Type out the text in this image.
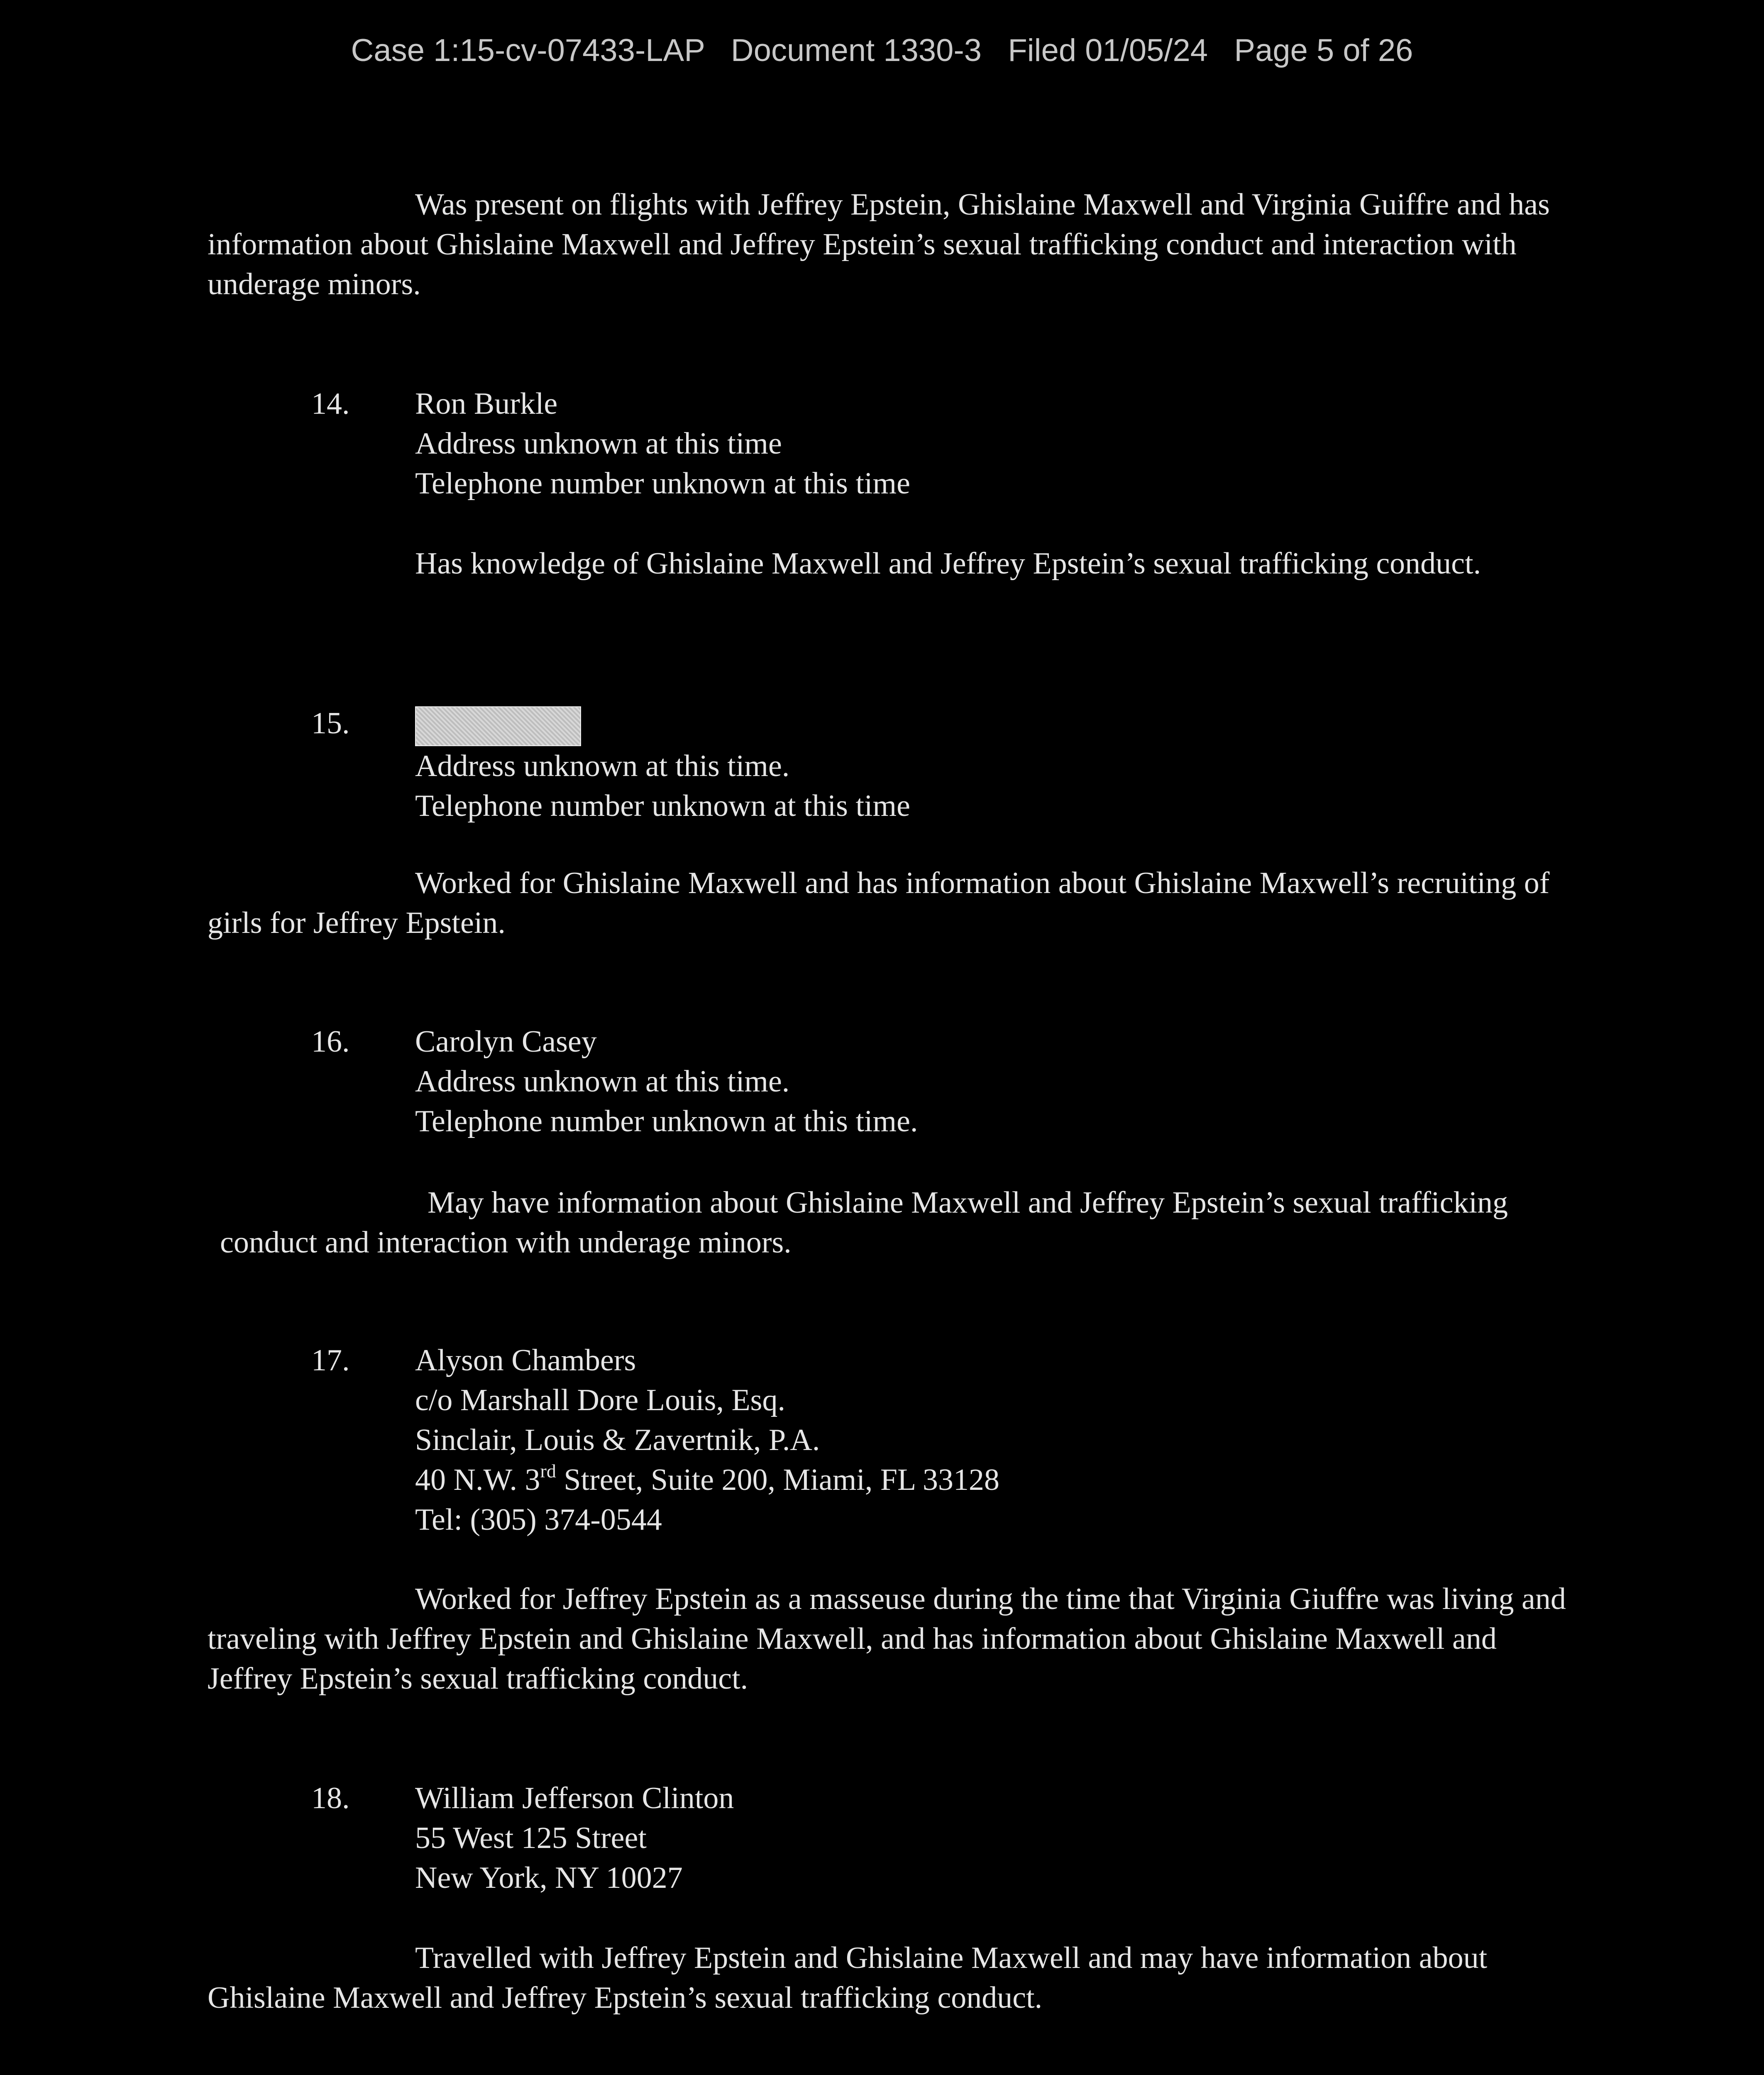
Case 1:15-cv-07433-LAP   Document 1330-3   Filed 01/05/24   Page 5 of 26
Was present on flights with Jeffrey Epstein, Ghislaine Maxwell and Virginia Guiffre and has information about Ghislaine Maxwell and Jeffrey Epstein’s sexual trafficking conduct and interaction with underage minors.
14. Ron Burkle
Address unknown at this time
Telephone number unknown at this time
Has knowledge of Ghislaine Maxwell and Jeffrey Epstein’s sexual trafficking conduct.
15.
Address unknown at this time.
Telephone number unknown at this time
Worked for Ghislaine Maxwell and has information about Ghislaine Maxwell’s recruiting of girls for Jeffrey Epstein.
16. Carolyn Casey
Address unknown at this time.
Telephone number unknown at this time.
May have information about Ghislaine Maxwell and Jeffrey Epstein’s sexual trafficking conduct and interaction with underage minors.
17. Alyson Chambers
c/o Marshall Dore Louis, Esq.
Sinclair, Louis & Zavertnik, P.A.
40 N.W. 3rd Street, Suite 200, Miami, FL 33128
Tel: (305) 374-0544
Worked for Jeffrey Epstein as a masseuse during the time that Virginia Giuffre was living and traveling with Jeffrey Epstein and Ghislaine Maxwell, and has information about Ghislaine Maxwell and Jeffrey Epstein’s sexual trafficking conduct.
18. William Jefferson Clinton
55 West 125 Street
New York, NY 10027
Travelled with Jeffrey Epstein and Ghislaine Maxwell and may have information about Ghislaine Maxwell and Jeffrey Epstein’s sexual trafficking conduct.
